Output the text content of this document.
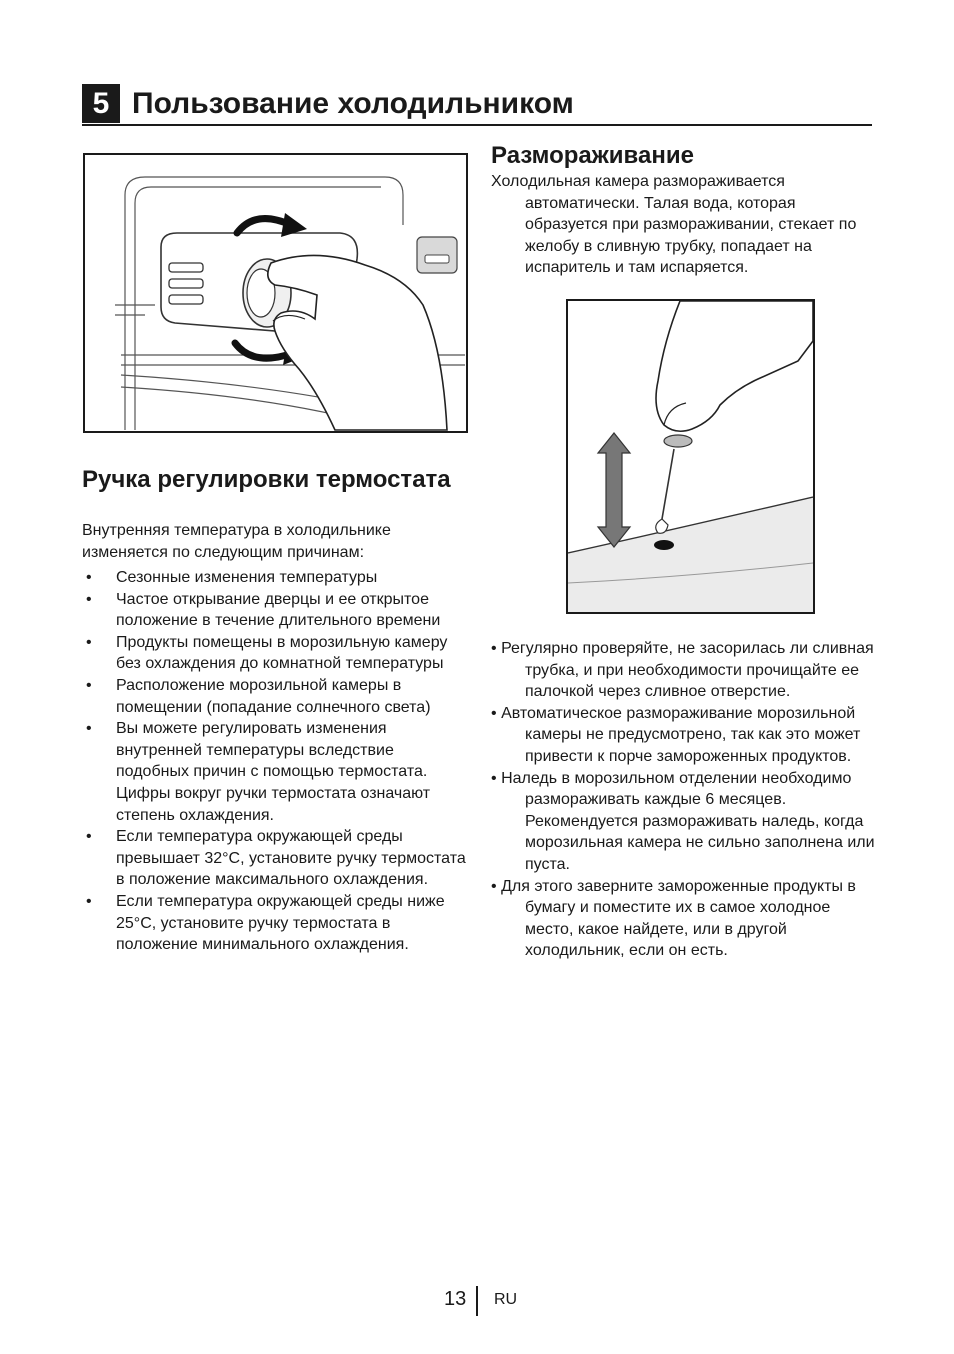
5 Пользование холодильником
Размораживание

Холодильная камера размораживается
автоматически. Талая вода, которая образуется при размораживании, стекает по желобу в сливную трубку, попадает на испаритель и там испаряется.

Ручка регулировки термостата

Внутренняя температура в холодильнике изменяется по следующим причинам:

• Сезонные изменения температуры
• Частое открывание дверцы и ее открытое положение в течение длительного времени
• Продукты помещены в морозильную камеру без охлаждения до комнатной температуры
• Расположение морозильной камеры в помещении (попадание солнечного света)
• Вы можете регулировать изменения внутренней температуры вследствие подобных причин с помощью термостата. Цифры вокруг ручки термостата означают степень охлаждения.
• Если температура окружающей среды превышает 32°C, установите ручку термостата в положение максимального охлаждения.
• Если температура окружающей среды ниже 25°C, установите ручку термостата в положение минимального охлаждения.
• Регулярно проверяйте, не засорилась ли сливная трубка, и при необходимости прочищайте ее палочкой через сливное отверстие.
• Автоматическое размораживание морозильной камеры не предусмотрено, так как это может привести к порче замороженных продуктов.
• Наледь в морозильном отделении необходимо размораживать каждые 6 месяцев. Рекомендуется размораживать наледь, когда морозильная камера не сильно заполнена или пуста.
• Для этого заверните замороженные продукты в бумагу и поместите их в самое холодное место, какое найдете, или в другой холодильник, если он есть.
13 RU
